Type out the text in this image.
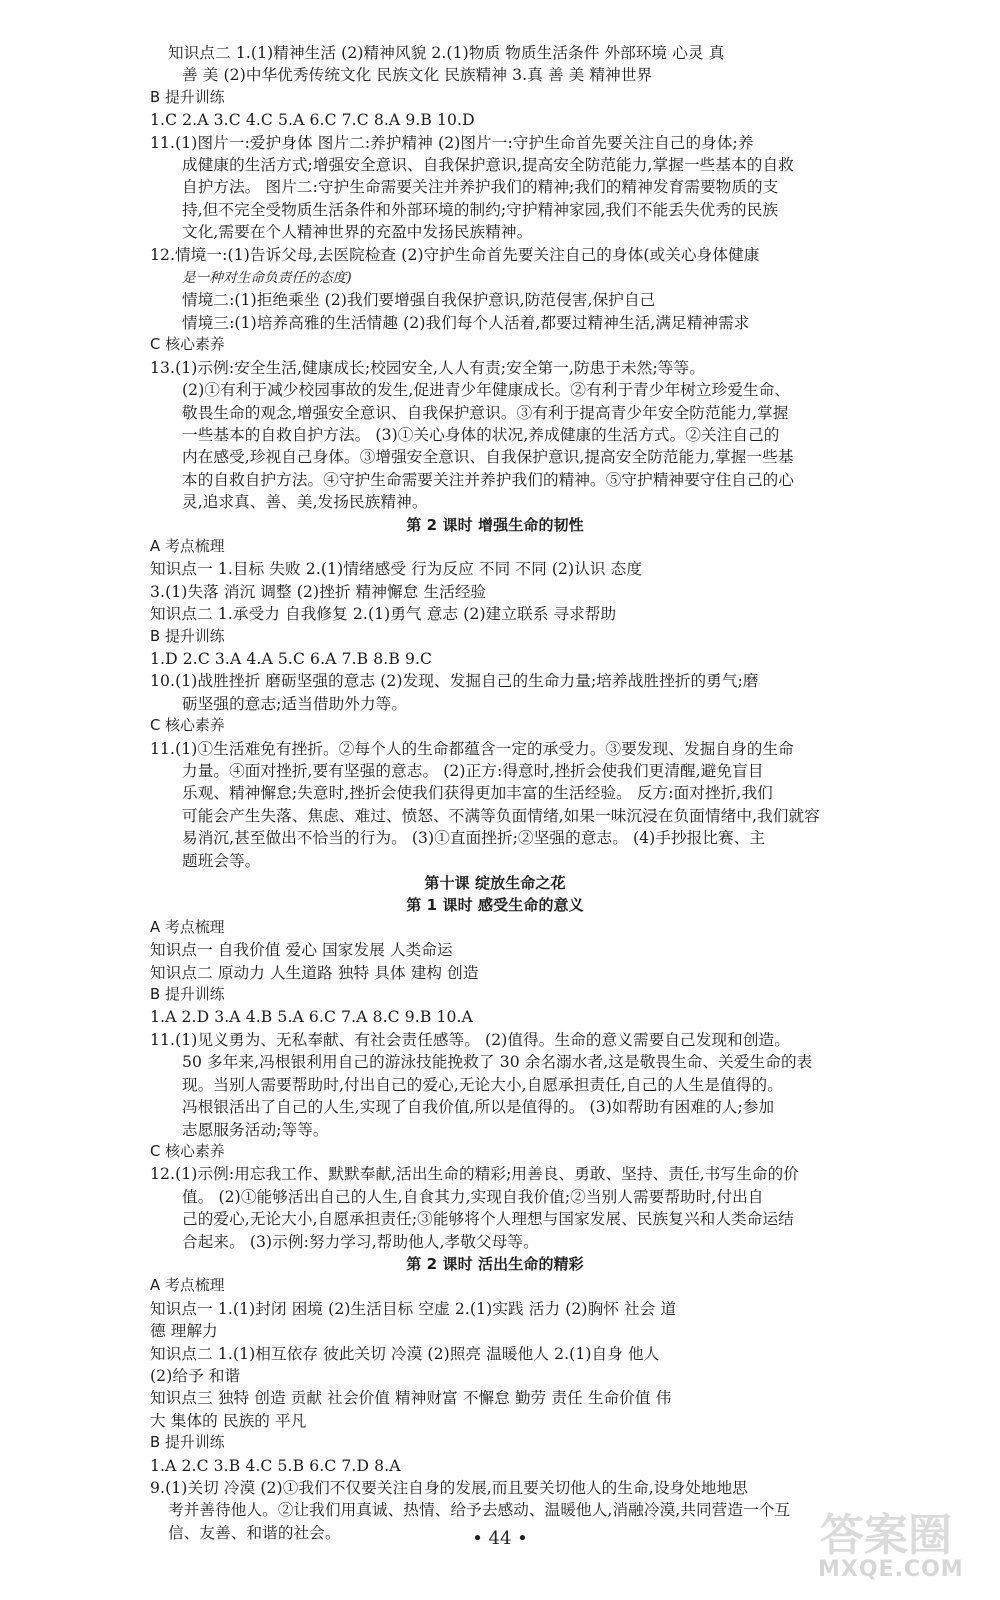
知识点二 1.(1)精神生活 (2)精神风貌 2.(1)物质 物质生活条件 外部环境 心灵 真
善 美 (2)中华优秀传统文化 民族文化 民族精神 3.真 善 美 精神世界
B 提升训练
1.C 2.A 3.C 4.C 5.A 6.C 7.C 8.A 9.B 10.D
11.(1)图片一:爱护身体 图片二:养护精神 (2)图片一:守护生命首先要关注自己的身体;养
成健康的生活方式;增强安全意识、自我保护意识,提高安全防范能力,掌握一些基本的自救
自护方法。 图片二:守护生命需要关注并养护我们的精神;我们的精神发育需要物质的支
持,但不完全受物质生活条件和外部环境的制约;守护精神家园,我们不能丢失优秀的民族
文化,需要在个人精神世界的充盈中发扬民族精神。
12.情境一:(1)告诉父母,去医院检查 (2)守护生命首先要关注自己的身体(或关心身体健康
是一种对生命负责任的态度)
情境二:(1)拒绝乘坐 (2)我们要增强自我保护意识,防范侵害,保护自己
情境三:(1)培养高雅的生活情趣 (2)我们每个人活着,都要过精神生活,满足精神需求
C 核心素养
13.(1)示例:安全生活,健康成长;校园安全,人人有责;安全第一,防患于未然;等等。
(2)①有利于减少校园事故的发生,促进青少年健康成长。②有利于青少年树立珍爱生命、
敬畏生命的观念,增强安全意识、自我保护意识。③有利于提高青少年安全防范能力,掌握
一些基本的自救自护方法。 (3)①关心身体的状况,养成健康的生活方式。②关注自己的
内在感受,珍视自己身体。③增强安全意识、自我保护意识,提高安全防范能力,掌握一些基
本的自救自护方法。④守护生命需要关注并养护我们的精神。⑤守护精神要守住自己的心
灵,追求真、善、美,发扬民族精神。
第 2 课时 增强生命的韧性
A 考点梳理
知识点一 1.目标 失败 2.(1)情绪感受 行为反应 不同 不同 (2)认识 态度
3.(1)失落 消沉 调整 (2)挫折 精神懈怠 生活经验
知识点二 1.承受力 自我修复 2.(1)勇气 意志 (2)建立联系 寻求帮助
B 提升训练
1.D 2.C 3.A 4.A 5.C 6.A 7.B 8.B 9.C
10.(1)战胜挫折 磨砺坚强的意志 (2)发现、发掘自己的生命力量;培养战胜挫折的勇气;磨
砺坚强的意志;适当借助外力等。
C 核心素养
11.(1)①生活难免有挫折。②每个人的生命都蕴含一定的承受力。③要发现、发掘自身的生命
力量。④面对挫折,要有坚强的意志。 (2)正方:得意时,挫折会使我们更清醒,避免盲目
乐观、精神懈怠;失意时,挫折会使我们获得更加丰富的生活经验。 反方:面对挫折,我们
可能会产生失落、焦虑、难过、愤怒、不满等负面情绪,如果一味沉浸在负面情绪中,我们就容
易消沉,甚至做出不恰当的行为。 (3)①直面挫折;②坚强的意志。 (4)手抄报比赛、主
题班会等。
第十课 绽放生命之花
第 1 课时 感受生命的意义
A 考点梳理
知识点一 自我价值 爱心 国家发展 人类命运
知识点二 原动力 人生道路 独特 具体 建构 创造
B 提升训练
1.A 2.D 3.A 4.B 5.A 6.C 7.A 8.C 9.B 10.A
11.(1)见义勇为、无私奉献、有社会责任感等。 (2)值得。生命的意义需要自己发现和创造。
50 多年来,冯根银利用自己的游泳技能挽救了 30 余名溺水者,这是敬畏生命、关爱生命的表
现。当别人需要帮助时,付出自己的爱心,无论大小,自愿承担责任,自己的人生是值得的。
冯根银活出了自己的人生,实现了自我价值,所以是值得的。 (3)如帮助有困难的人;参加
志愿服务活动;等等。
C 核心素养
12.(1)示例:用忘我工作、默默奉献,活出生命的精彩;用善良、勇敢、坚持、责任,书写生命的价
值。 (2)①能够活出自己的人生,自食其力,实现自我价值;②当别人需要帮助时,付出自
己的爱心,无论大小,自愿承担责任;③能够将个人理想与国家发展、民族复兴和人类命运结
合起来。 (3)示例:努力学习,帮助他人,孝敬父母等。
第 2 课时 活出生命的精彩
A 考点梳理
知识点一 1.(1)封闭 困境 (2)生活目标 空虚 2.(1)实践 活力 (2)胸怀 社会 道
德 理解力
知识点二 1.(1)相互依存 彼此关切 冷漠 (2)照亮 温暖他人 2.(1)自身 他人
(2)给予 和谐
知识点三 独特 创造 贡献 社会价值 精神财富 不懈怠 勤劳 责任 生命价值 伟
大 集体的 民族的 平凡
B 提升训练
1.A 2.C 3.B 4.C 5.B 6.C 7.D 8.A
9.(1)关切 冷漠 (2)①我们不仅要关注自身的发展,而且要关切他人的生命,设身处地地思
考并善待他人。②让我们用真诚、热情、给予去感动、温暖他人,消融冷漠,共同营造一个互
信、友善、和谐的社会。	• 44 •	答案圈
MXQE.COM
